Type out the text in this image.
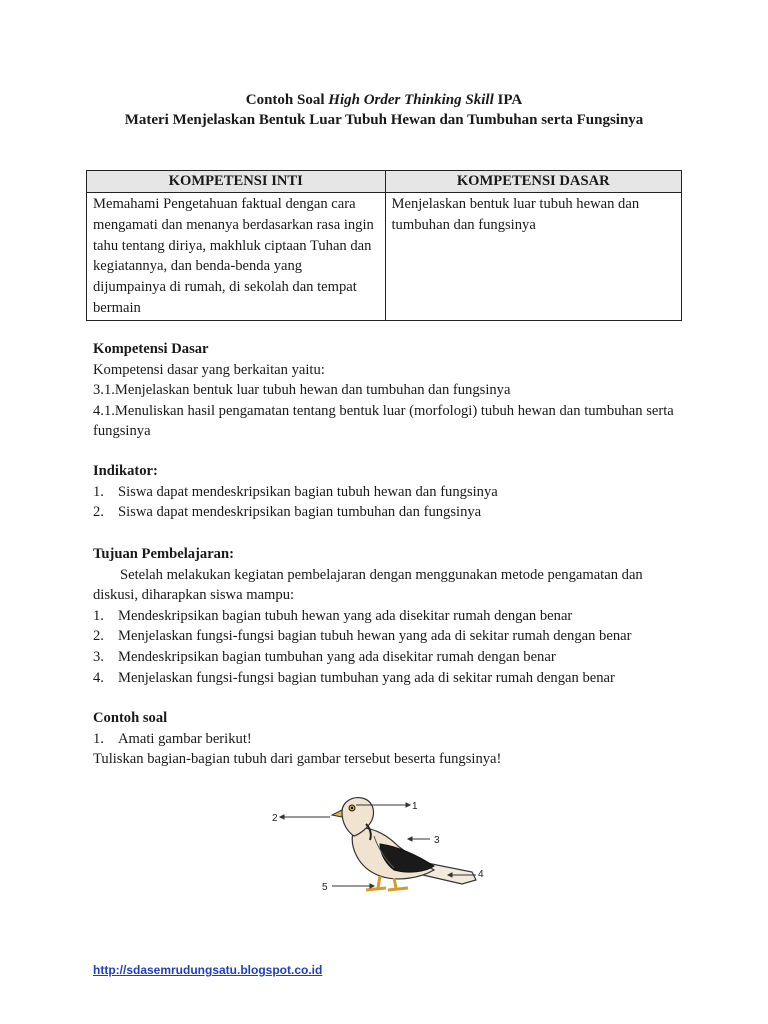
Contoh Soal High Order Thinking Skill IPA
Materi Menjelaskan Bentuk Luar Tubuh Hewan dan Tumbuhan serta Fungsinya
KOMPETENSI INTI	KOMPETENSI DASAR
Memahami Pengetahuan faktual dengan cara mengamati dan menanya berdasarkan rasa ingin tahu tentang diriya, makhluk ciptaan Tuhan dan kegiatannya, dan benda-benda yang dijumpainya di rumah, di sekolah dan tempat bermain	Menjelaskan bentuk luar tubuh hewan dan tumbuhan dan fungsinya
Kompetensi Dasar
Kompetensi dasar yang berkaitan yaitu:
3.1.Menjelaskan bentuk luar tubuh hewan dan tumbuhan dan fungsinya
4.1.Menuliskan hasil pengamatan tentang bentuk luar (morfologi) tubuh hewan dan tumbuhan serta fungsinya
Indikator:
1. Siswa dapat mendeskripsikan bagian tubuh hewan dan fungsinya
2. Siswa dapat mendeskripsikan bagian tumbuhan dan fungsinya
Tujuan Pembelajaran:
Setelah melakukan kegiatan pembelajaran dengan menggunakan metode pengamatan dan diskusi, diharapkan siswa mampu:
1. Mendeskripsikan bagian tubuh hewan yang ada disekitar rumah dengan benar
2. Menjelaskan fungsi-fungsi bagian tubuh hewan yang ada di sekitar rumah dengan benar
3. Mendeskripsikan bagian tumbuhan yang ada disekitar rumah dengan benar
4. Menjelaskan fungsi-fungsi bagian tumbuhan yang ada di sekitar rumah dengan benar
Contoh soal
1. Amati gambar berikut!
Tuliskan bagian-bagian tubuh dari gambar tersebut beserta fungsinya!
1
2
3
4
5
http://sdasemrudungsatu.blogspot.co.id
